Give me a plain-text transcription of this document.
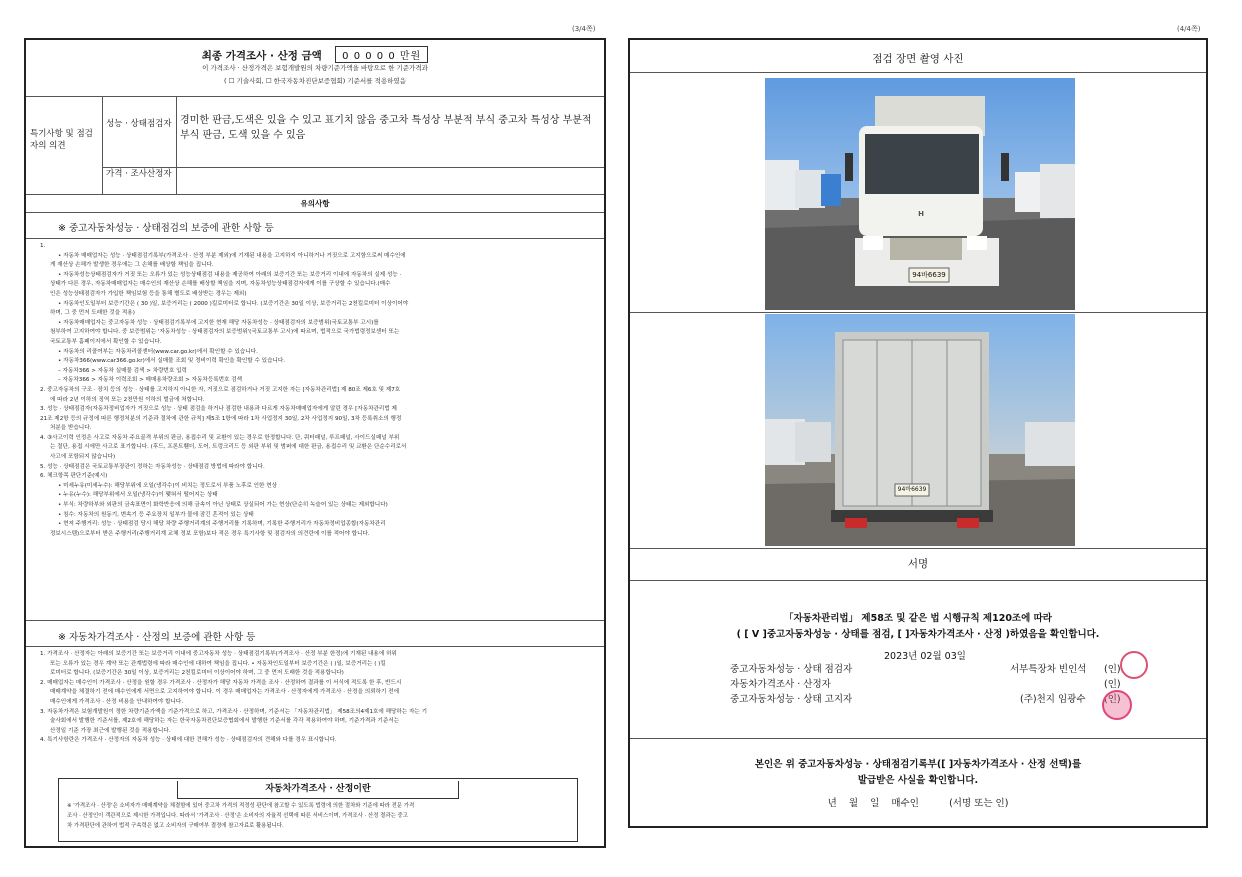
(3/4쪽)	(4/4쪽)
최종 가격조사 · 산정 금액 0 0 0 0 0 만원
이 가격조사 · 산정가격은 보험개발원의 차량기준가액을 바탕으로 한 기준가격과
( ☐ 기술사회, ☐ 한국자동차진단보증협회) 기준서를 적용하였음
특기사항 및 점검자의 의견
성능 · 상태점검자 경미한 판금,도색은 있을 수 있고 표기치 않음 중고차 특성상 부분적 부식 중고차 특성상 부분적 부식 판금, 도색 있을 수 있음
가격 · 조사산정자
유의사항
※ 중고자동차성능 · 상태점검의 보증에 관한 사항 등
1.
• 자동차 매매업자는 성능 · 상태점검기록부(가격조사 · 산정 부분 제외)에 기재된 내용을 고지하지 아니하거나 거짓으로 고지함으로써 매수인에
게 재산상 손해가 발생한 경우에는 그 손해를 배상할 책임을 집니다.
• 자동차성능상태점검자가 거짓 또는 오류가 있는 성능상태점검 내용을 제공하여 아래의 보증기간 또는 보증거리 이내에 자동차의 실제 성능 ·
상태가 다른 경우, 자동차매매업자는 매수인의 재산상 손해를 배상할 책임을 지며, 자동차성능상태점검자에게 이를 구상할 수 있습니다.(매수
인은 성능상태점검자가 가입한 책임보험 등을 통해 별도로 배상받는 경우는 제외)
• 자동차인도일부터 보증기간은 ( 30 )일, 보증거리는 ( 2000 )킬로미터로 합니다. (보증기간은 30일 이상, 보증거리는 2천킬로미터 이상이어야
하며, 그 중 먼저 도래한 것을 적용)
• 자동차매매업자는 중고자동차 성능 · 상태점검기록부에 고지한 현재 해당 자동차성능 · 상태점검자의 보증범위(국토교통부 고시)를
첨부하여 고지하여야 합니다. 중 보증범위는 '자동차성능 · 상태점검자의 보증범위'(국토교통부 고시)에 따르며, 법적으로 국가법령정보센터 또는
국토교통부 홈페이지에서 확인할 수 있습니다.
• 자동차의 리콜여부는 자동차리콜센터(www.car.go.kr)에서 확인할 수 있습니다.
• 자동차366(www.car366.go.kr)에서 실매물 조회 및 정비이력 확인을 확인할 수 있습니다.
– 자동차366 > 자동차 실매물 검색 > 차량번호 입력
– 자동차366 > 자동차 이력조회 > 매매용차량조회 > 자동차등록번호 검색
2. 중고자동차의 구조 · 장치 등의 성능 · 상태를 고지하지 아니한 자, 거짓으로 점검하거나 거짓 고지한 자는 [자동차관리법] 제 80조 제6호 및 제7호
에 따라 2년 이하의 징역 또는 2천만원 이하의 벌금에 처합니다.
3. 성능 · 상태점검자(자동차정비업자가 거짓으로 성능 · 상태 점검을 하거나 점검한 내용과 다르게 자동차매매업자에게 알린 경우 [자동차관리법 제
21조 제2항 등의 규정에 따른 행정처분의 기준과 절차에 관한 규칙] 제5조 1항에 따라 1차 사업정지 30일, 2차 사업정지 90일, 3차 등록취소의 행정
처분을 받습니다.
4. ③사고이력 인정은 사고로 자동차 주요골격 부위의 판금, 용접수리 및 교환이 있는 경우로 한정합니다. 단, 쿼터패널, 루프패널, 사이드실패널 부위
는 절단, 용접 시에만 사고로 표기합니다. (후드, 프론트휀더, 도어, 트렁크리드 등 외판 부위 및 범퍼에 대한 판금, 용접수리 및 교환은 단순수리로서
사고에 포함되지 않습니다)
5. 성능 · 상태점검은 국토교통부장관이 정하는 자동차성능 · 상태점검 방법에 따라야 합니다.
6. 체크항목 판단기준(예시)
• 미세누유(미세누수): 해당부위에 오일(냉각수)이 비치는 정도로서 부품 노후로 인한 현상
• 누유(누수): 해당부위에서 오일(냉각수)이 맺혀서 떨어지는 상태
• 부식: 차량하부와 외판의 금속표면이 화학반응에 의해 금속이 아닌 상태로 상실되어 가는 현상(단순히 녹슬어 있는 상태는 제외합니다)
• 침수: 자동차의 원동기, 변속기 등 주요장치 일부가 물에 잠긴 흔적이 있는 상태
• 현저 주행거리: 성능 · 상태점검 당시 해당 차량 주행거리계의 주행거리를 기록하며, 기록한 주행거리가 자동차정비업종합(자동차관리
정보시스템)으로부터 받은 주행거리(주행거리계 교체 정보 포함)보다 적은 경우 특기사항 및 점검자의 의견란에 이를 적어야 합니다.
※ 자동차가격조사 · 산정의 보증에 관한 사항 등
1. 가격조사 · 산정자는 아래의 보증기간 또는 보증거리 이내에 중고자동차 성능 · 상태점검기록부(가격조사 · 산정 부분 한정)에 기재된 내용에 허위
또는 오류가 있는 경우 계약 또는 관계법령에 따라 매수인에 대하여 책임을 집니다. • 자동차인도일부터 보증기간은 ( )일, 보증거리는 ( )킬
로미터로 합니다. (보증기간은 30일 이상, 보증거리는 2천킬로미터 이상이어야 하며, 그 중 먼저 도래한 것을 적용합니다)
2. 매매업자는 매수인이 가격조사 · 산정을 원할 경우 가격조사 · 산정자가 해당 자동차 가격을 조사 · 산정하여 결과를 이 서식에 적도록 한 후, 반드시
매매계약을 체결하기 전에 매수인에게 서면으로 고지하여야 합니다. 이 경우 매매업자는 가격조사 · 산정자에게 가격조사 · 산정을 의뢰하기 전에
매수인에게 가격조사 · 산정 비용을 안내하여야 합니다.
3. 자동차가격은 보험개발원이 정한 차량기준가액을 기준가격으로 하고, 가격조사 · 산정하며, 기준서는 「자동차관리법」 제58조의4제1호에 해당하는 자는 기
술사회에서 발행한 기준서를, 제2호에 해당하는 자는 한국자동차진단보증협회에서 발행한 기준서를 각각 적용하여야 하며, 기준가격과 기준서는
산정일 기준 가장 최근에 발행된 것을 적용합니다.
4. 특기사항란은 가격조사 · 산정자의 자동차 성능 · 상태에 대한 견해가 성능 · 상태점검자의 견해와 다를 경우 표시합니다.
자동차가격조사 · 산정이란
※ '가격조사 · 산정'은 소비자가 매매계약을 체결함에 있어 중고차 가격의 적정성 판단에 참고할 수 있도록 법령에 의한 절차와 기준에 따라 전문 가격
조사 · 산정인이 객관적으로 제시한 가격입니다. 따라서 '가격조사 · 산정'은 소비자의 자율적 선택에 따른 서비스이며, 가격조사 · 산정 결과는 중고
차 가격판단에 관하여 법적 구속력은 없고 소비자의 구매여부 결정에 참고자료로 활용됩니다.
점검 장면 촬영 사진
94바6639
H
94바6639
서명
「자동차관리법」 제58조 및 같은 법 시행규칙 제120조에 따라
( [ V ]중고자동차성능 · 상태를 점검, [ ]자동차가격조사 · 산정 )하였음을 확인합니다.
2023년 02월 03일
중고자동차성능 · 상태 점검자	서부특장차 빈인석 (인)
자동차가격조사 · 산정자	(인)
중고자동차성능 · 상태 고지자	(주)천지 임광수 (인)
본인은 위 중고자동차성능 · 상태점검기록부([ ]자동차가격조사 · 산정 선택)를
발급받은 사실을 확인합니다.
년    월    일    매수인          (서명 또는 인)
